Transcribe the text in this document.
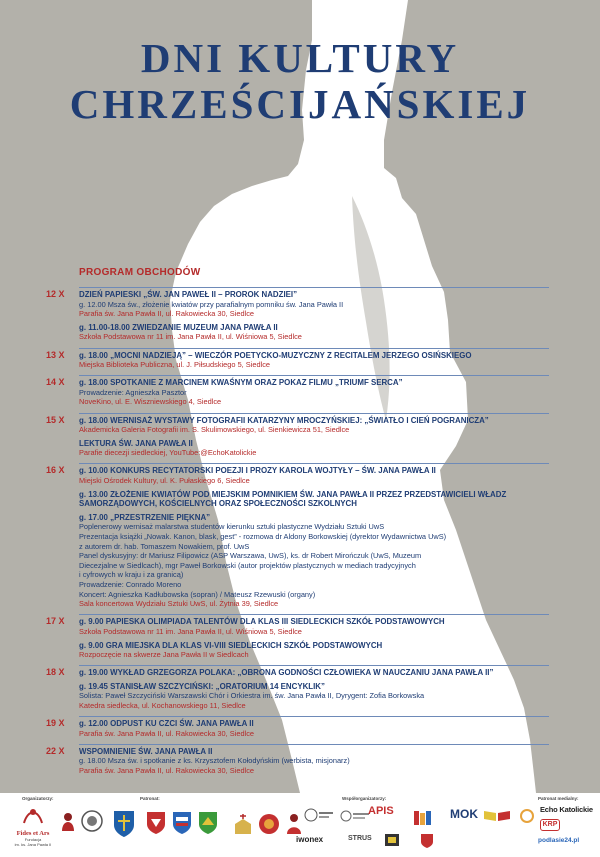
DNI KULTURY
CHRZEŚCIJAŃSKIEJ
PROGRAM OBCHODÓW
12 X	DZIEŃ PAPIESKI „ŚW. JAN PAWEŁ II – PROROK NADZIEI”
g. 12.00 Msza św., złożenie kwiatów przy parafialnym pomniku św. Jana Pawła II
Parafia św. Jana Pawła II, ul. Rakowiecka 30, Siedlce
g. 11.00-18.00 ZWIEDZANIE MUZEUM JANA PAWŁA II
Szkoła Podstawowa nr 11 im. Jana Pawła II, ul. Wiśniowa 5, Siedlce
13 X	g. 18.00 „MOCNI NADZIEJĄ” – WIECZÓR POETYCKO-MUZYCZNY Z RECITALEM JERZEGO OSIŃSKIEGO
Miejska Biblioteka Publiczna, ul. J. Piłsudskiego 5, Siedlce
14 X	g. 18.00 SPOTKANIE Z MARCINEM KWAŚNYM ORAZ POKAZ FILMU „TRIUMF SERCA”
Prowadzenie: Agnieszka Pasztor
NoveKino, ul. E. Wiszniewskiego 4, Siedlce
15 X	g. 18.00 WERNISAŻ WYSTAWY FOTOGRAFII KATARZYNY MROCZYŃSKIEJ: „ŚWIATŁO I CIEŃ POGRANICZA”
Akademicka Galeria Fotografii im. S. Skulimowskiego, ul. Sienkiewicza 51, Siedlce
LEKTURA ŚW. JANA PAWŁA II
Parafie diecezji siedleckiej, YouTube:@EchoKatolickie
16 X	g. 10.00 KONKURS RECYTATORSKI POEZJI I PROZY KAROLA WOJTYŁY – ŚW. JANA PAWŁA II
Miejski Ośrodek Kultury, ul. K. Pułaskiego 6, Siedlce
g. 13.00 ZŁOŻENIE KWIATÓW POD MIEJSKIM POMNIKIEM ŚW. JANA PAWŁA II PRZEZ PRZEDSTAWICIELI WŁADZ SAMORZĄDOWYCH, KOŚCIELNYCH ORAZ SPOŁECZNOŚCI SZKOLNYCH
g. 17.00 „PRZESTRZENIE PIĘKNA”
Poplenerowy wernisaż malarstwa studentów kierunku sztuki plastyczne Wydziału Sztuki UwS
Prezentacja książki „Nowak. Kanon, blask, gest” - rozmowa dr Aldony Borkowskiej (dyrektor Wydawnictwa UwS)
z autorem dr. hab. Tomaszem Nowakiem, prof. UwS
Panel dyskusyjny: dr Mariusz Filipowicz (ASP Warszawa, UwS), ks. dr Robert Mirończuk (UwS, Muzeum
Diecezjalne w Siedlcach), mgr Paweł Borkowski (autor projektów plastycznych w mediach tradycyjnych
i cyfrowych w kraju i za granicą)
Prowadzenie: Conrado Moreno
Koncert: Agnieszka Kadłubowska (sopran) / Mateusz Rzewuski (organy)
Sala koncertowa Wydziału Sztuki UwS, ul. Żytnia 39, Siedlce
17 X	g. 9.00 PAPIESKA OLIMPIADA TALENTÓW DLA KLAS III SIEDLECKICH SZKÓŁ PODSTAWOWYCH
Szkoła Podstawowa nr 11 im. Jana Pawła II, ul. Wiśniowa 5, Siedlce
g. 9.00 GRA MIEJSKA DLA KLAS VI-VIII SIEDLECKICH SZKÓŁ PODSTAWOWYCH
Rozpoczęcie na skwerze Jana Pawła II w Siedlcach
18 X	g. 19.00 WYKŁAD GRZEGORZA POLAKA: „OBRONA GODNOŚCI CZŁOWIEKA W NAUCZANIU JANA PAWŁA II”
g. 19.45 STANISŁAW SZCZYCIŃSKI: „ORATORIUM 14 ENCYKLIK”
Solista: Paweł Szczyciński Warszawski Chór i Orkiestra im. św. Jana Pawła II, Dyrygent: Zofia Borkowska
Katedra siedlecka, ul. Kochanowskiego 11, Siedlce
19 X	g. 12.00 ODPUST KU CZCI ŚW. JANA PAWŁA II
Parafia św. Jana Pawła II, ul. Rakowiecka 30, Siedlce
22 X	WSPOMNIENIE ŚW. JANA PAWŁA II
g. 18.00 Msza św. i spotkanie z ks. Krzysztofem Kołodyńskim (werbista, misjonarz)
Parafia św. Jana Pawła II, ul. Rakowiecka 30, Siedlce
Organizatorzy:	Patronat:	Współorganizatorzy:	Patronat medialny:
Fides et Ars
Fundacja
im. ks. Jana Pawła II
APIS	MOK
iwonex	STRUS
Echo Katolickie
KRP
podlasie24.pl
